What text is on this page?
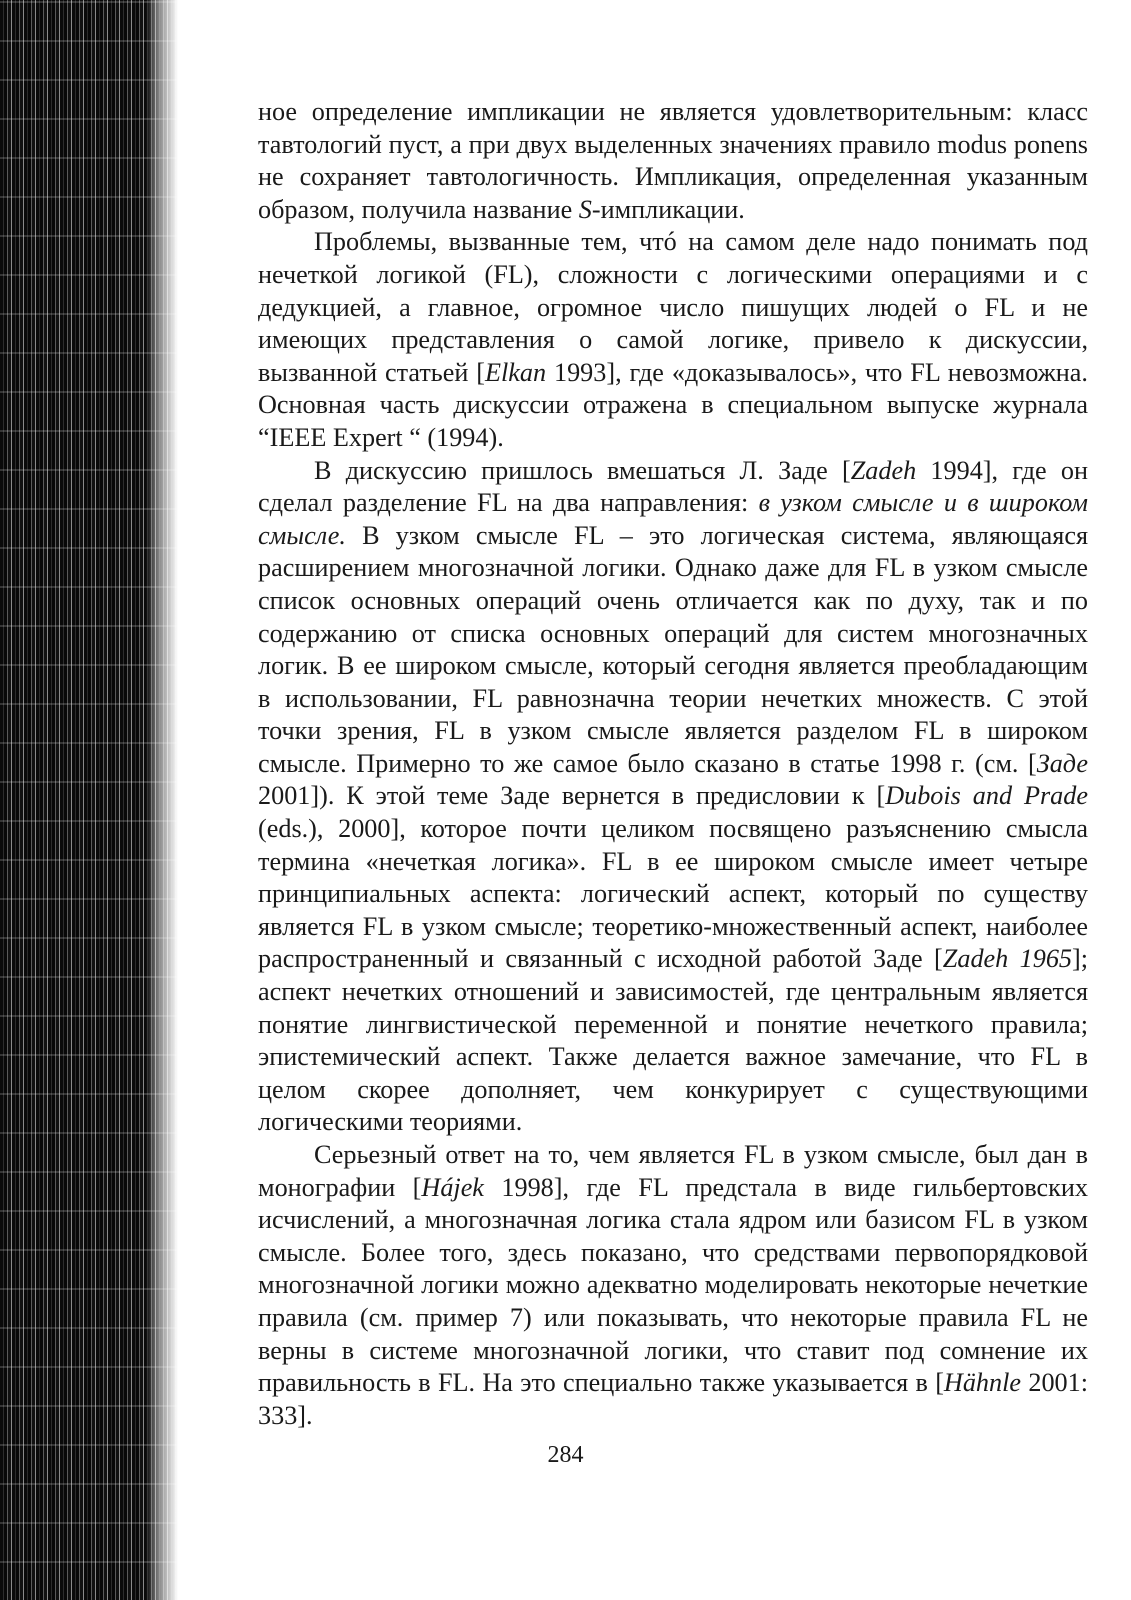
ное определение импликации не является удовлетворительным: класс тавтологий пуст, а при двух выделенных значениях правило modus ponens не сохраняет тавтологичность. Импликация, определенная указанным образом, получила название S-импликации.

Проблемы, вызванные тем, чтó на самом деле надо понимать под нечеткой логикой (FL), сложности с логическими операциями и с дедукцией, а главное, огромное число пишущих людей о FL и не имеющих представления о самой логике, привело к дискуссии, вызванной статьей [Elkan 1993], где «доказывалось», что FL невозможна. Основная часть дискуссии отражена в специальном выпуске журнала “IEEE Expert “ (1994).

В дискуссию пришлось вмешаться Л. Заде [Zadeh 1994], где он сделал разделение FL на два направления: в узком смысле и в широком смысле. В узком смысле FL – это логическая система, являющаяся расширением многозначной логики. Однако даже для FL в узком смысле список основных операций очень отличается как по духу, так и по содержанию от списка основных операций для систем многозначных логик. В ее широком смысле, который сегодня является преобладающим в использовании, FL равнозначна теории нечетких множеств. С этой точки зрения, FL в узком смысле является разделом FL в широком смысле. Примерно то же самое было сказано в статье 1998 г. (см. [Заде 2001]). К этой теме Заде вернется в предисловии к [Dubois and Prade (eds.), 2000], которое почти целиком посвящено разъяснению смысла термина «нечеткая логика». FL в ее широком смысле имеет четыре принципиальных аспекта: логический аспект, который по существу является FL в узком смысле; теоретико-множественный аспект, наиболее распространенный и связанный с исходной работой Заде [Zadeh 1965]; аспект нечетких отношений и зависимостей, где центральным является понятие лингвистической переменной и понятие нечеткого правила; эпистемический аспект. Также делается важное замечание, что FL в целом скорее дополняет, чем конкурирует с существующими логическими теориями.

Серьезный ответ на то, чем является FL в узком смысле, был дан в монографии [Hájek 1998], где FL предстала в виде гильбертовских исчислений, а многозначная логика стала ядром или базисом FL в узком смысле. Более того, здесь показано, что средствами первопорядковой многозначной логики можно адекватно моделировать некоторые нечеткие правила (см. пример 7) или показывать, что некоторые правила FL не верны в системе многозначной логики, что ставит под сомнение их правильность в FL. На это специально также указывается в [Hähnle 2001: 333].

284
